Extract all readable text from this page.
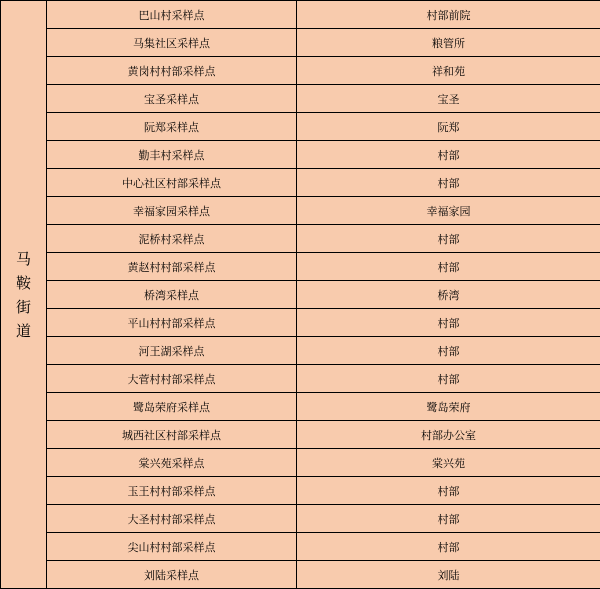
马
鞍
街
道	巴山村采样点	村部前院
	马集社区采样点	粮管所
	黄岗村村部采样点	祥和苑
	宝圣采样点	宝圣
	阮郑采样点	阮郑
	勤丰村采样点	村部
	中心社区村部采样点	村部
	幸福家园采样点	幸福家园
	泥桥村采样点	村部
	黄赵村村部采样点	村部
	桥湾采样点	桥湾
	平山村村部采样点	村部
	河王湖采样点	村部
	大菅村村部采样点	村部
	鹭岛荣府采样点	鹭岛荣府
	城西社区村部采样点	村部办公室
	棠兴苑采样点	棠兴苑
	玉王村村部采样点	村部
	大圣村村部采样点	村部
	尖山村村部采样点	村部
	刘陆采样点	刘陆
